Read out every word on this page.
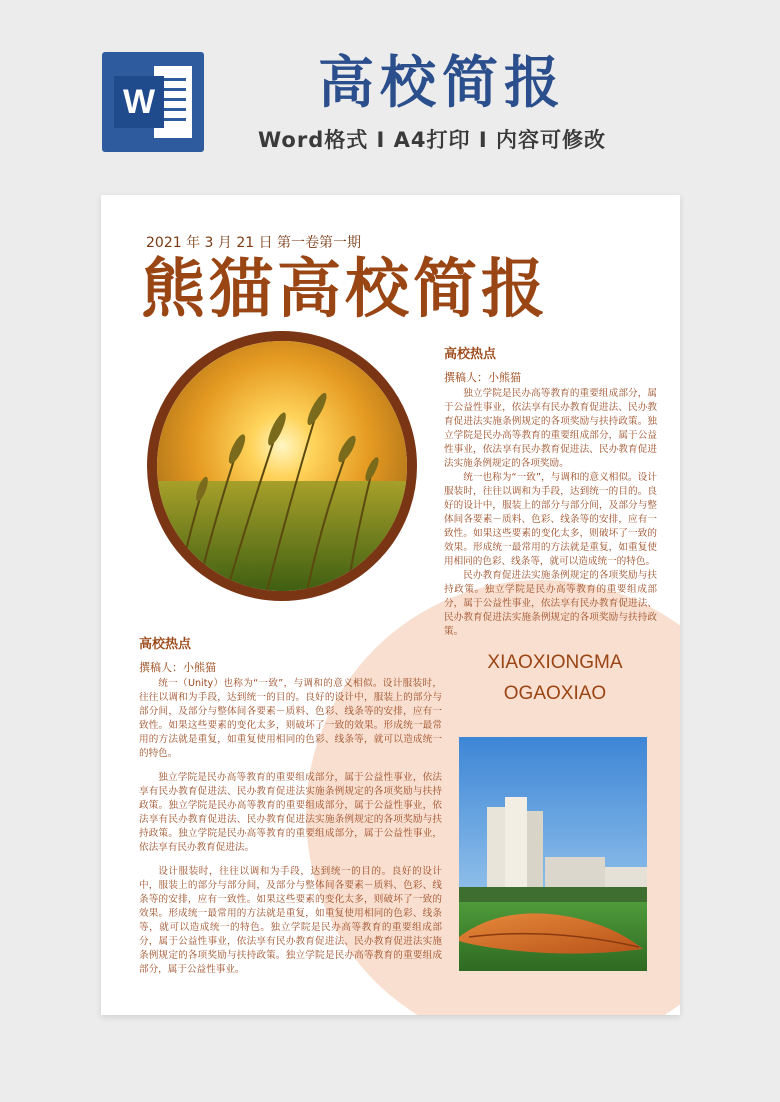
W	高校简报
Word格式 I A4打印 I 内容可修改
2021 年 3 月 21 日 第一卷第一期
熊猫高校简报
高校热点
撰稿人：小熊猫

独立学院是民办高等教育的重要组成部分，属于公益性事业，依法享有民办教育促进法、民办教育促进法实施条例规定的各项奖励与扶持政策。独立学院是民办高等教育的重要组成部分，属于公益性事业，依法享有民办教育促进法、民办教育促进法实施条例规定的各项奖励。

统一也称为“一致”，与调和的意义相似。设计服装时，往往以调和为手段，达到统一的目的。良好的设计中，服装上的部分与部分间，及部分与整体间各要素－质料、色彩、线条等的安排，应有一致性。如果这些要素的变化太多，则破坏了一致的效果。形成统一最常用的方法就是重复，如重复使用相同的色彩、线条等，就可以造成统一的特色。

民办教育促进法实施条例规定的各项奖励与扶持政策。独立学院是民办高等教育的重要组成部分，属于公益性事业，依法享有民办教育促进法、民办教育促进法实施条例规定的各项奖励与扶持政策。

高校热点
撰稿人：小熊猫

统一（Unity）也称为“一致”，与调和的意义相似。设计服装时，往往以调和为手段，达到统一的目的。良好的设计中，服装上的部分与部分间，及部分与整体间各要素－质料、色彩、线条等的安排，应有一致性。如果这些要素的变化太多，则破坏了一致的效果。形成统一最常用的方法就是重复，如重复使用相同的色彩、线条等，就可以造成统一的特色。

独立学院是民办高等教育的重要组成部分，属于公益性事业，依法享有民办教育促进法、民办教育促进法实施条例规定的各项奖励与扶持政策。独立学院是民办高等教育的重要组成部分，属于公益性事业，依法享有民办教育促进法、民办教育促进法实施条例规定的各项奖励与扶持政策。独立学院是民办高等教育的重要组成部分，属于公益性事业，依法享有民办教育促进法。

设计服装时，往往以调和为手段，达到统一的目的。良好的设计中，服装上的部分与部分间，及部分与整体间各要素－质料、色彩、线条等的安排，应有一致性。如果这些要素的变化太多，则破坏了一致的效果。形成统一最常用的方法就是重复，如重复使用相同的色彩、线条等，就可以造成统一的特色。独立学院是民办高等教育的重要组成部分，属于公益性事业，依法享有民办教育促进法、民办教育促进法实施条例规定的各项奖励与扶持政策。独立学院是民办高等教育的重要组成部分，属于公益性事业。

XIAOXIONGMA
OGAOXIAO
